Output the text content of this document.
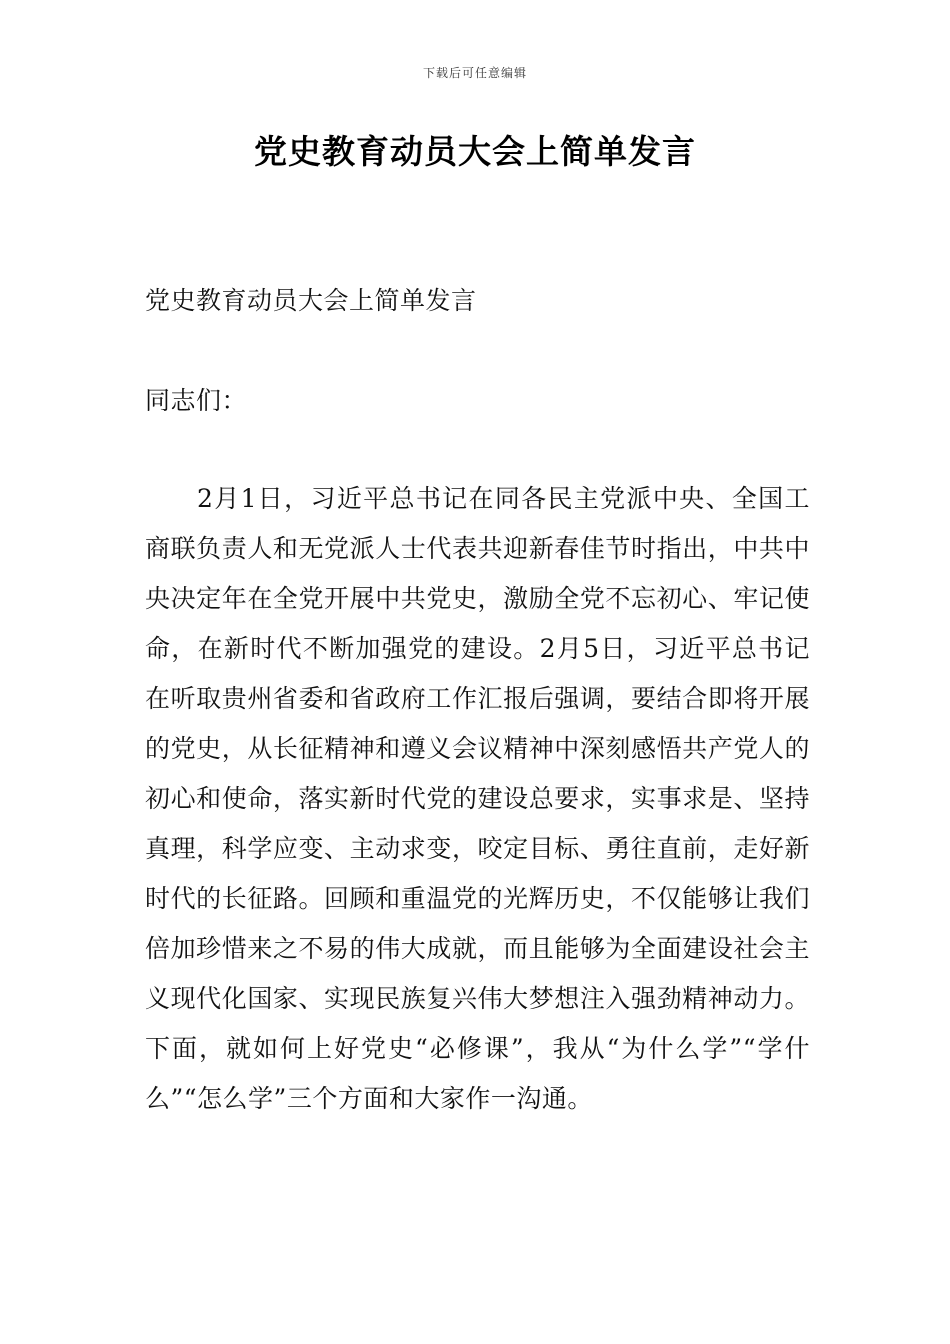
下载后可任意编辑
党史教育动员大会上简单发言
党史教育动员大会上简单发言
同志们：
2月1日，习近平总书记在同各民主党派中央、全国工商联负责人和无党派人士代表共迎新春佳节时指出，中共中央决定年在全党开展中共党史，激励全党不忘初心、牢记使命，在新时代不断加强党的建设。2月5日，习近平总书记在听取贵州省委和省政府工作汇报后强调，要结合即将开展的党史，从长征精神和遵义会议精神中深刻感悟共产党人的初心和使命，落实新时代党的建设总要求，实事求是、坚持真理，科学应变、主动求变，咬定目标、勇往直前，走好新时代的长征路。回顾和重温党的光辉历史，不仅能够让我们倍加珍惜来之不易的伟大成就，而且能够为全面建设社会主义现代化国家、实现民族复兴伟大梦想注入强劲精神动力。下面，就如何上好党史“必修课”，我从“为什么学”“学什么”“怎么学”三个方面和大家作一沟通。
